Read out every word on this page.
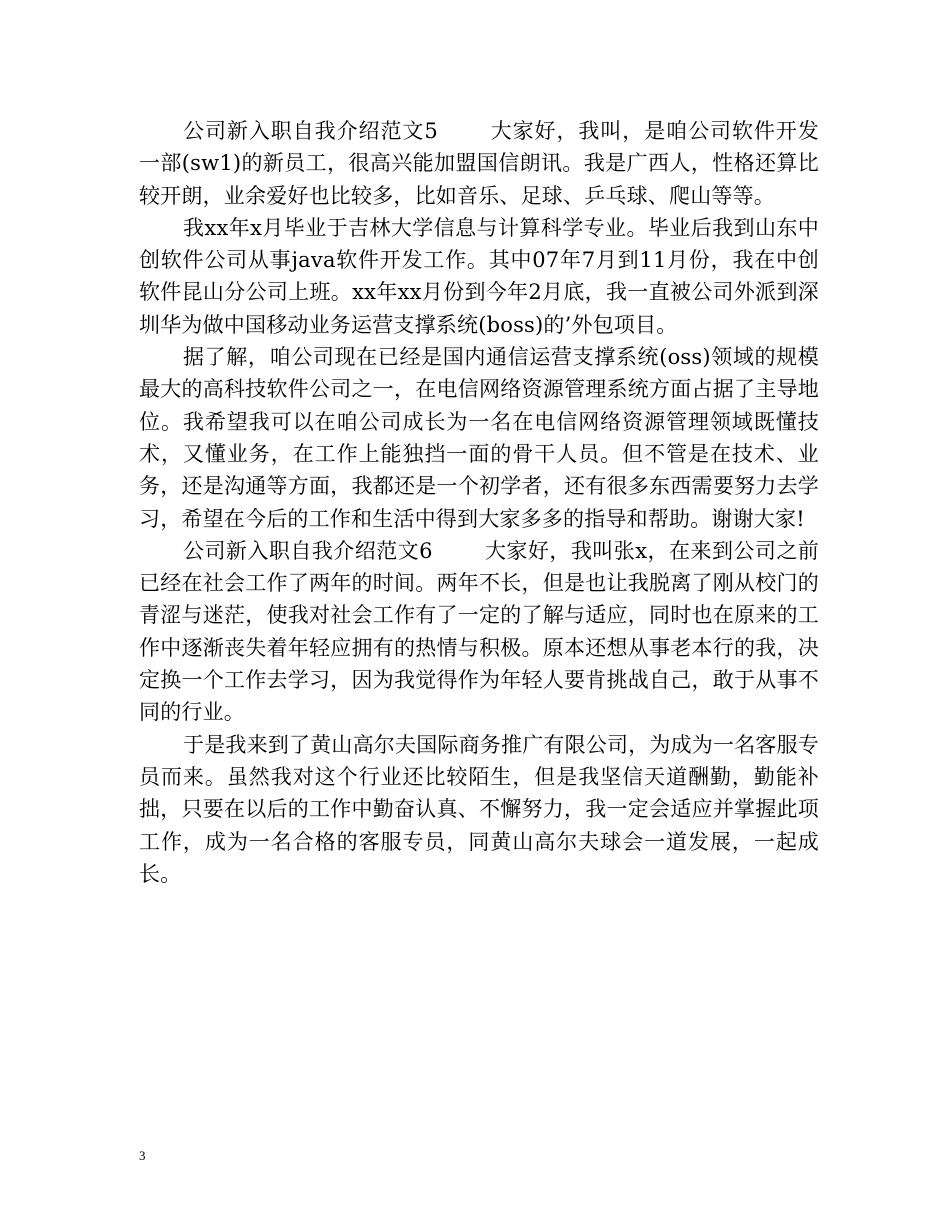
公司新入职自我介绍范文5 大家好，我叫，是咱公司软件开发一部(sw1)的新员工，很高兴能加盟国信朗讯。我是广西人，性格还算比较开朗，业余爱好也比较多，比如音乐、足球、乒乓球、爬山等等。

我xx年x月毕业于吉林大学信息与计算科学专业。毕业后我到山东中创软件公司从事java软件开发工作。其中07年7月到11月份，我在中创软件昆山分公司上班。xx年xx月份到今年2月底，我一直被公司外派到深圳华为做中国移动业务运营支撑系统(boss)的’外包项目。

据了解，咱公司现在已经是国内通信运营支撑系统(oss)领域的规模最大的高科技软件公司之一，在电信网络资源管理系统方面占据了主导地位。我希望我可以在咱公司成长为一名在电信网络资源管理领域既懂技术，又懂业务，在工作上能独挡一面的骨干人员。但不管是在技术、业务，还是沟通等方面，我都还是一个初学者，还有很多东西需要努力去学习，希望在今后的工作和生活中得到大家多多的指导和帮助。谢谢大家!

公司新入职自我介绍范文6 大家好，我叫张x，在来到公司之前已经在社会工作了两年的时间。两年不长，但是也让我脱离了刚从校门的青涩与迷茫，使我对社会工作有了一定的了解与适应，同时也在原来的工作中逐渐丧失着年轻应拥有的热情与积极。原本还想从事老本行的我，决定换一个工作去学习，因为我觉得作为年轻人要肯挑战自己，敢于从事不同的行业。

于是我来到了黄山高尔夫国际商务推广有限公司，为成为一名客服专员而来。虽然我对这个行业还比较陌生，但是我坚信天道酬勤，勤能补拙，只要在以后的工作中勤奋认真、不懈努力，我一定会适应并掌握此项工作，成为一名合格的客服专员，同黄山高尔夫球会一道发展，一起成长。

3
